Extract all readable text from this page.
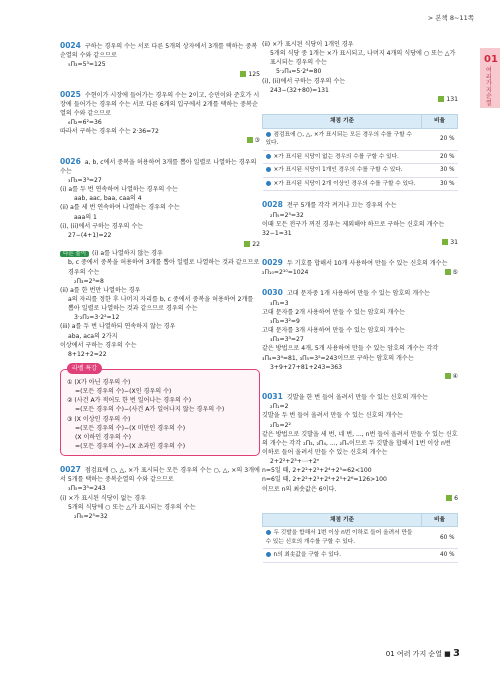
> 본책 8~11쪽
01
여러 가지 순열
0024 구하는 경우의 수는 서로 다른 5개의 상자에서 3개를 택하는 중복순열의 수와 같으므로
₅Π₃=5³=125
125
0025 수현이가 시장에 들어가는 경우의 수는 2이고, 승민이와 준호가 시장에 들어가는 경우의 수는 서로 다른 6개의 입구에서 2개를 택하는 중복순열의 수와 같으므로
₆Π₂=6²=36
따라서 구하는 경우의 수는 2·36=72
③
0026 a, b, c에서 중복을 허용하여 3개를 뽑아 일렬로 나열하는 경우의 수는
₃Π₃=3³=27
(i) a를 두 번 연속하여 나열하는 경우의 수는
aab, aac, baa, caa의 4
(ii) a를 세 번 연속하여 나열하는 경우의 수는
aaa의 1
(i), (ii)에서 구하는 경우의 수는
27−(4+1)=22
22
다른 풀이 (i) a를 나열하지 않는 경우
b, c 중에서 중복을 허용하여 3개를 뽑아 일렬로 나열하는 것과 같으므로 경우의 수는
₂Π₃=2³=8
(ii) a를 한 번만 나열하는 경우
a의 자리를 정한 후 나머지 자리를 b, c 중에서 중복을 허용하여 2개를 뽑아 일렬로 나열하는 것과 같으므로 경우의 수는
3·₂Π₂=3·2²=12
(iii) a를 두 번 나열하되 연속하지 않는 경우
aba, aca의 2가지
이상에서 구하는 경우의 수는
8+12+2=22
라벨 특강
① (X가 아닌 경우의 수)
=(모든 경우의 수)−(X인 경우의 수)
② (사건 A가 적어도 한 번 일어나는 경우의 수)
=(모든 경우의 수)−(사건 A가 일어나지 않는 경우의 수)
③ (X 이상인 경우의 수)
=(모든 경우의 수)−(X 미만인 경우의 수)
(X 이하인 경우의 수)
=(모든 경우의 수)−(X 초과인 경우의 수)
0027 점검표에 ○, △, ×가 표시되는 모든 경우의 수는 ○, △, ×의 3개에서 5개를 택하는 중복순열의 수와 같으므로
₃Π₅=3⁵=243
(i) ×가 표시된 식당이 없는 경우
5개의 식당에 ○ 또는 △가 표시되는 경우의 수는
₂Π₅=2⁵=32
(ii) ×가 표시된 식당이 1개인 경우
5개의 식당 중 1개는 ×가 표시되고, 나머지 4개의 식당에 ○ 또는 △가 표시되는 경우의 수는
5·₂Π₄=5·2⁴=80
(i), (ii)에서 구하는 경우의 수는
243−(32+80)=131
131
채점 기준	비율
점검표에 ○, △, ×가 표시되는 모든 경우의 수를 구할 수 있다.	20 %
×가 표시된 식당이 없는 경우의 수를 구할 수 있다.	20 %
×가 표시된 식당이 1개인 경우의 수를 구할 수 있다.	30 %
×가 표시된 식당이 2개 이상인 경우의 수를 구할 수 있다.	30 %
0028 전구 5개를 각각 켜거나 끄는 경우의 수는
₂Π₅=2⁵=32
이때 모든 전구가 꺼진 경우는 제외해야 하므로 구하는 신호의 개수는 32−1=31
31
0029 두 기호를 합해서 10개 사용하여 만들 수 있는 신호의 개수는 ₂Π₁₀=2¹⁰=1024	⑤
0030 고대 문자중 1개 사용하여 만들 수 있는 암호의 개수는
₃Π₁=3
고대 문자를 2개 사용하여 만들 수 있는 암호의 개수는
₃Π₂=3²=9
고대 문자를 3개 사용하여 만들 수 있는 암호의 개수는
₃Π₃=3³=27
같은 방법으로 4개, 5개 사용하여 만들 수 있는 암호의 개수는 각각 ₃Π₄=3⁴=81, ₃Π₅=3⁵=243이므로 구하는 암호의 개수는
3+9+27+81+243=363
④
0031 깃발을 한 번 들어 올려서 만들 수 있는 신호의 개수는
₂Π₁=2
깃발을 두 번 들어 올려서 만들 수 있는 신호의 개수는
₂Π₂=2²
같은 방법으로 깃발을 세 번, 네 번, ..., n번 들어 올려서 만들 수 있는 신호의 개수는 각각 ₂Π₃, ₂Π₄, ..., ₂Πₙ이므로 두 깃발을 합해서 1번 이상 n번 이하로 들어 올려서 만들 수 있는 신호의 개수는
2+2²+2³+⋯+2ⁿ
n=5일 때, 2+2²+2³+2⁴+2⁵=62<100
n=6일 때, 2+2²+2³+2⁴+2⁵+2⁶=126>100
이므로 n의 최솟값은 6이다.
6
채점 기준	비율
두 깃발을 합해서 1번 이상 n번 이하로 들어 올려서 만들 수 있는 신호의 개수를 구할 수 있다.	60 %
n의 최솟값을 구할 수 있다.	40 %
01 여러 가지 순열 ■ 3
